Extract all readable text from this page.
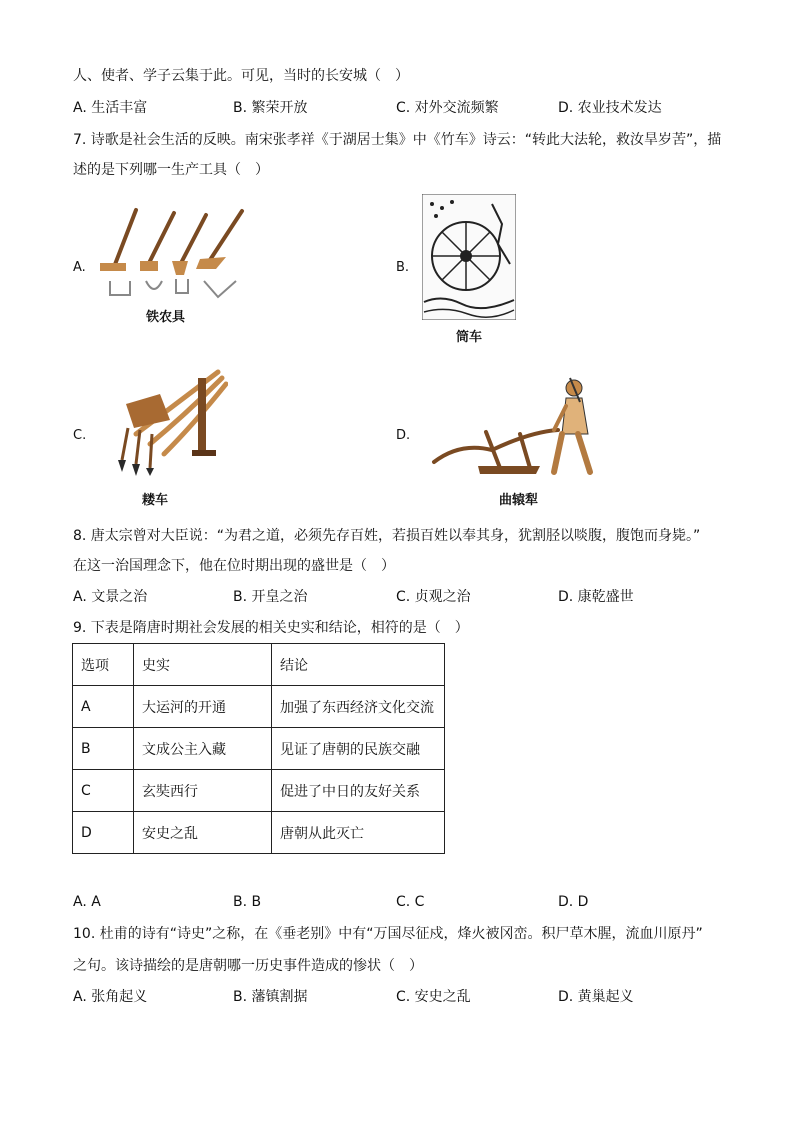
人、使者、学子云集于此。可见，当时的长安城（　）
A. 生活丰富	B. 繁荣开放	C. 对外交流频繁	D. 农业技术发达
7. 诗歌是社会生活的反映。南宋张孝祥《于湖居士集》中《竹车》诗云：“转此大法轮，救汝旱岁苦”，描
述的是下列哪一生产工具（　）
A.
铁农具
B.
筒车
C.
耧车
D.
曲辕犁
8. 唐太宗曾对大臣说：“为君之道，必须先存百姓，若损百姓以奉其身，犹割胫以啖腹，腹饱而身毙。”
在这一治国理念下，他在位时期出现的盛世是（　）
A. 文景之治	B. 开皇之治	C. 贞观之治	D. 康乾盛世
9. 下表是隋唐时期社会发展的相关史实和结论，相符的是（　）
选项	史实	结论
A	大运河的开通	加强了东西经济文化交流
B	文成公主入藏	见证了唐朝的民族交融
C	玄奘西行	促进了中日的友好关系
D	安史之乱	唐朝从此灭亡
A. A	B. B	C. C	D. D
10. 杜甫的诗有“诗史”之称，在《垂老别》中有“万国尽征戍，烽火被冈峦。积尸草木腥，流血川原丹”
之句。该诗描绘的是唐朝哪一历史事件造成的惨状（　）
A. 张角起义	B. 藩镇割据	C. 安史之乱	D. 黄巢起义
